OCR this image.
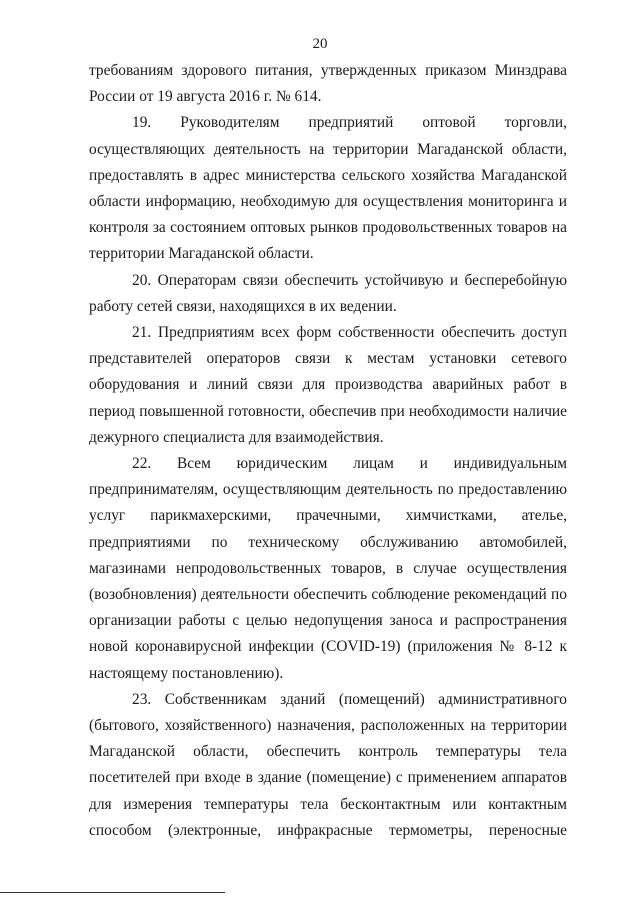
20

требованиям здорового питания, утвержденных приказом Минздрава России от 19 августа 2016 г. № 614.

19. Руководителям предприятий оптовой торговли, осуществляющих деятельность на территории Магаданской области, предоставлять в адрес министерства сельского хозяйства Магаданской области информацию, необходимую для осуществления мониторинга и контроля за состоянием оптовых рынков продовольственных товаров на территории Магаданской области.

20. Операторам связи обеспечить устойчивую и бесперебойную работу сетей связи, находящихся в их ведении.

21. Предприятиям всех форм собственности обеспечить доступ представителей операторов связи к местам установки сетевого оборудования и линий связи для производства аварийных работ в период повышенной готовности, обеспечив при необходимости наличие дежурного специалиста для взаимодействия.

22. Всем юридическим лицам и индивидуальным предпринимателям, осуществляющим деятельность по предоставлению услуг парикмахерскими, прачечными, химчистками, ателье, предприятиями по техническому обслуживанию автомобилей, магазинами непродовольственных товаров, в случае осуществления (возобновления) деятельности обеспечить соблюдение рекомендаций по организации работы с целью недопущения заноса и распространения новой коронавирусной инфекции (COVID-19) (приложения № 8-12 к настоящему постановлению).

23. Собственникам зданий (помещений) административного (бытового, хозяйственного) назначения, расположенных на территории Магаданской области, обеспечить контроль температуры тела посетителей при входе в здание (помещение) с применением аппаратов для измерения температуры тела бесконтактным или контактным способом (электронные, инфракрасные термометры, переносные
